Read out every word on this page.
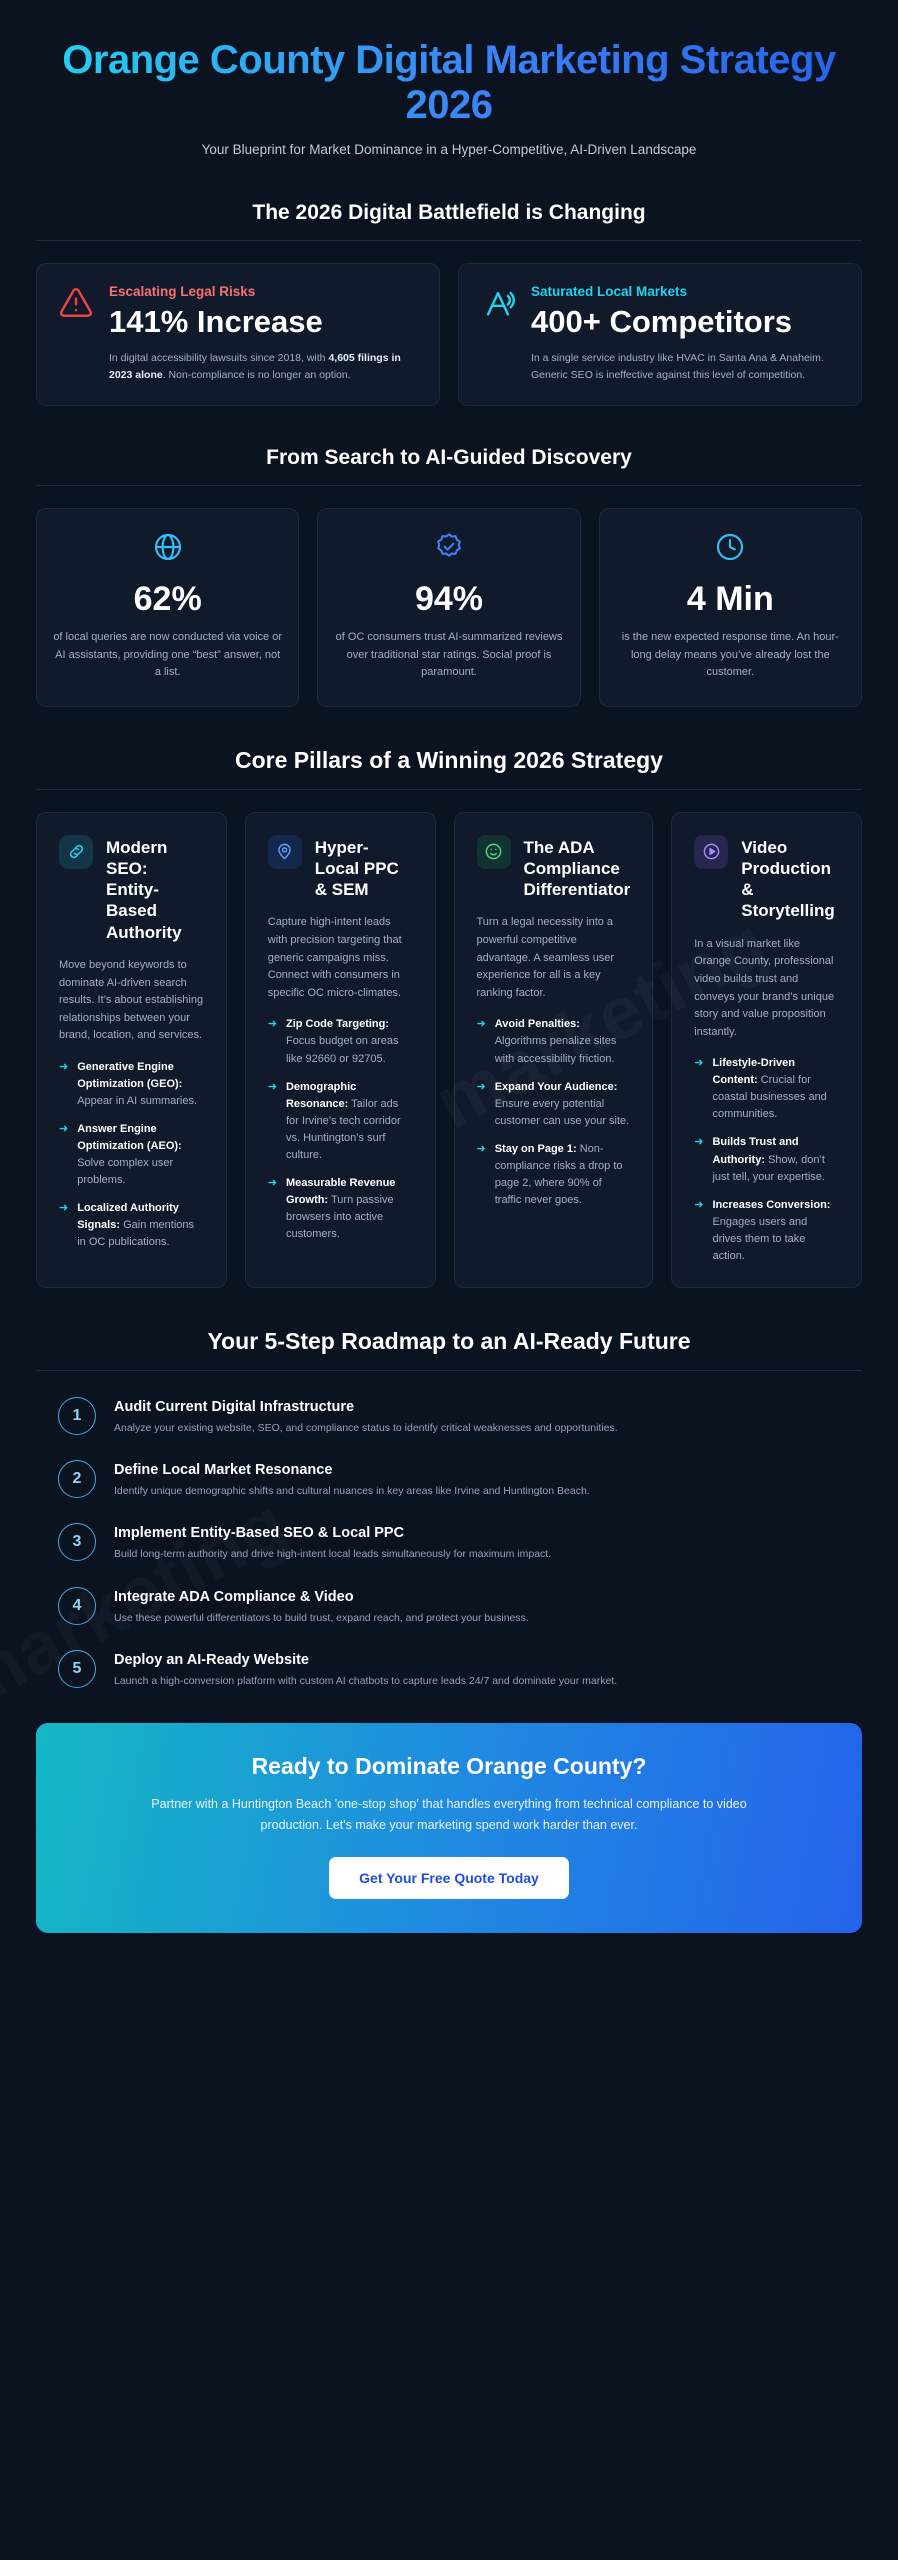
Orange County Digital Marketing Strategy 2026

Your Blueprint for Market Dominance in a Hyper-Competitive, AI-Driven Landscape

The 2026 Digital Battlefield is Changing
Escalating Legal Risks
141% Increase
In digital accessibility lawsuits since 2018, with 4,605 filings in 2023 alone. Non-compliance is no longer an option.
Saturated Local Markets
400+ Competitors
In a single service industry like HVAC in Santa Ana & Anaheim. Generic SEO is ineffective against this level of competition.
From Search to AI-Guided Discovery
62%
of local queries are now conducted via voice or AI assistants, providing one “best” answer, not a list.
94%
of OC consumers trust AI-summarized reviews over traditional star ratings. Social proof is paramount.
4 Min
is the new expected response time. An hour-long delay means you’ve already lost the customer.
Core Pillars of a Winning 2026 Strategy
Modern SEO: Entity-Based Authority
Move beyond keywords to dominate AI-driven search results. It’s about establishing relationships between your brand, location, and services.
➜ Generative Engine Optimization (GEO): Appear in AI summaries.
➜ Answer Engine Optimization (AEO): Solve complex user problems.
➜ Localized Authority Signals: Gain mentions in OC publications.
Hyper-Local PPC & SEM
Capture high-intent leads with precision targeting that generic campaigns miss. Connect with consumers in specific OC micro-climates.
➜ Zip Code Targeting: Focus budget on areas like 92660 or 92705.
➜ Demographic Resonance: Tailor ads for Irvine’s tech corridor vs. Huntington’s surf culture.
➜ Measurable Revenue Growth: Turn passive browsers into active customers.
The ADA Compliance Differentiator
Turn a legal necessity into a powerful competitive advantage. A seamless user experience for all is a key ranking factor.
➜ Avoid Penalties: Algorithms penalize sites with accessibility friction.
➜ Expand Your Audience: Ensure every potential customer can use your site.
➜ Stay on Page 1: Non-compliance risks a drop to page 2, where 90% of traffic never goes.
Video Production & Storytelling
In a visual market like Orange County, professional video builds trust and conveys your brand’s unique story and value proposition instantly.
➜ Lifestyle-Driven Content: Crucial for coastal businesses and communities.
➜ Builds Trust and Authority: Show, don’t just tell, your expertise.
➜ Increases Conversion: Engages users and drives them to take action.
Your 5-Step Roadmap to an AI-Ready Future
1	Audit Current Digital Infrastructure
Analyze your existing website, SEO, and compliance status to identify critical weaknesses and opportunities.
2	Define Local Market Resonance
Identify unique demographic shifts and cultural nuances in key areas like Irvine and Huntington Beach.
3	Implement Entity-Based SEO & Local PPC
Build long-term authority and drive high-intent local leads simultaneously for maximum impact.
4	Integrate ADA Compliance & Video
Use these powerful differentiators to build trust, expand reach, and protect your business.
5	Deploy an AI-Ready Website
Launch a high-conversion platform with custom AI chatbots to capture leads 24/7 and dominate your market.
Ready to Dominate Orange County?

Partner with a Huntington Beach 'one-stop shop' that handles everything from technical compliance to video production. Let's make your marketing spend work harder than ever.

Get Your Free Quote Today
